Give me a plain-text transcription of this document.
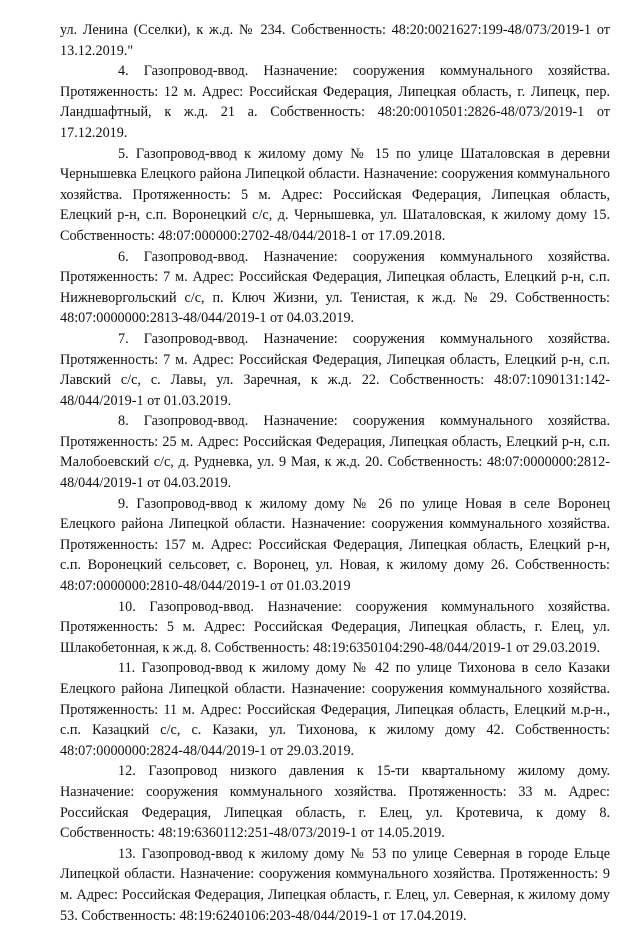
ул. Ленина (Сселки), к ж.д. № 234. Собственность: 48:20:0021627:199-48/073/2019-1 от 13.12.2019."

4. Газопровод-ввод. Назначение: сооружения коммунального хозяйства. Протяженность: 12 м. Адрес: Российская Федерация, Липецкая область, г. Липецк, пер. Ландшафтный, к ж.д. 21 а. Собственность: 48:20:0010501:2826-48/073/2019-1 от 17.12.2019.

5. Газопровод-ввод к жилому дому № 15 по улице Шаталовская в деревни Чернышевка Елецкого района Липецкой области. Назначение: сооружения коммунального хозяйства. Протяженность: 5 м. Адрес: Российская Федерация, Липецкая область, Елецкий р-н, с.п. Воронецкий с/с, д. Чернышевка, ул. Шаталовская, к жилому дому 15. Собственность: 48:07:000000:2702-48/044/2018-1 от 17.09.2018.

6. Газопровод-ввод. Назначение: сооружения коммунального хозяйства. Протяженность: 7 м. Адрес: Российская Федерация, Липецкая область, Елецкий р-н, с.п. Нижневоргольский с/с, п. Ключ Жизни, ул. Тенистая, к ж.д. № 29. Собственность: 48:07:0000000:2813-48/044/2019-1 от 04.03.2019.

7. Газопровод-ввод. Назначение: сооружения коммунального хозяйства. Протяженность: 7 м. Адрес: Российская Федерация, Липецкая область, Елецкий р-н, с.п. Лавский с/с, с. Лавы, ул. Заречная, к ж.д. 22. Собственность: 48:07:1090131:142-48/044/2019-1 от 01.03.2019.

8. Газопровод-ввод. Назначение: сооружения коммунального хозяйства. Протяженность: 25 м. Адрес: Российская Федерация, Липецкая область, Елецкий р-н, с.п. Малобоевский с/с, д. Рудневка, ул. 9 Мая, к ж.д. 20. Собственность: 48:07:0000000:2812-48/044/2019-1 от 04.03.2019.

9. Газопровод-ввод к жилому дому № 26 по улице Новая в селе Воронец Елецкого района Липецкой области. Назначение: сооружения коммунального хозяйства. Протяженность: 157 м. Адрес: Российская Федерация, Липецкая область, Елецкий р-н, с.п. Воронецкий сельсовет, с. Воронец, ул. Новая, к жилому дому 26. Собственность: 48:07:0000000:2810-48/044/2019-1 от 01.03.2019

10. Газопровод-ввод. Назначение: сооружения коммунального хозяйства. Протяженность: 5 м. Адрес: Российская Федерация, Липецкая область, г. Елец, ул. Шлакобетонная, к ж.д. 8. Собственность: 48:19:6350104:290-48/044/2019-1 от 29.03.2019.

11. Газопровод-ввод к жилому дому № 42 по улице Тихонова в село Казаки Елецкого района Липецкой области. Назначение: сооружения коммунального хозяйства. Протяженность: 11 м. Адрес: Российская Федерация, Липецкая область, Елецкий м.р-н., с.п. Казацкий с/с, с. Казаки, ул. Тихонова, к жилому дому 42. Собственность: 48:07:0000000:2824-48/044/2019-1 от 29.03.2019.

12. Газопровод низкого давления к 15-ти квартальному жилому дому. Назначение: сооружения коммунального хозяйства. Протяженность: 33 м. Адрес: Российская Федерация, Липецкая область, г. Елец, ул. Кротевича, к дому 8. Собственность: 48:19:6360112:251-48/073/2019-1 от 14.05.2019.

13. Газопровод-ввод к жилому дому № 53 по улице Северная в городе Ельце Липецкой области. Назначение: сооружения коммунального хозяйства. Протяженность: 9 м. Адрес: Российская Федерация, Липецкая область, г. Елец, ул. Северная, к жилому дому 53. Собственность: 48:19:6240106:203-48/044/2019-1 от 17.04.2019.
